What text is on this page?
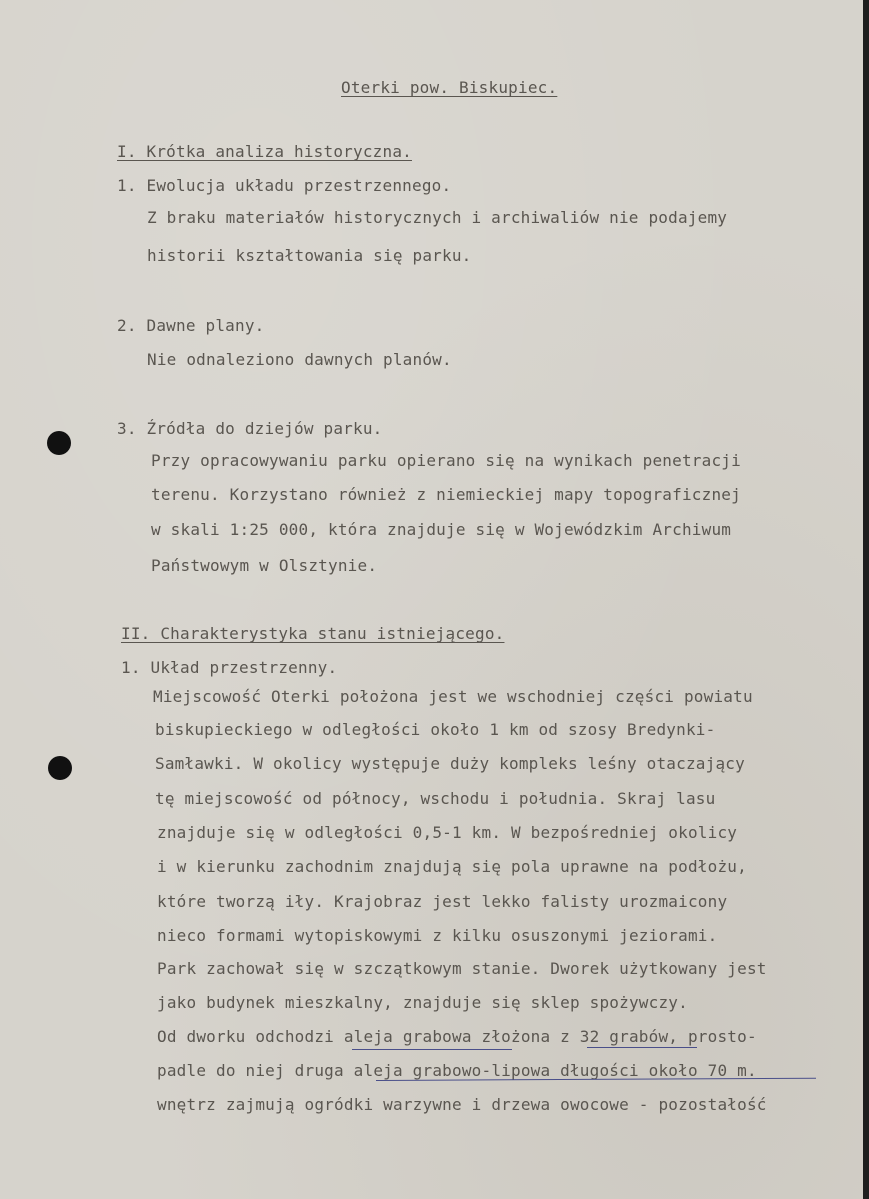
Oterki pow. Biskupiec.
I. Krótka analiza historyczna.
1. Ewolucja układu przestrzennego.
Z braku materiałów historycznych i archiwaliów nie podajemy
historii kształtowania się parku.
2. Dawne plany.
Nie odnaleziono dawnych planów.
3. Źródła do dziejów parku.
Przy opracowywaniu parku opierano się na wynikach penetracji
terenu. Korzystano również z niemieckiej mapy topograficznej
w skali 1:25 000, która znajduje się w Wojewódzkim Archiwum
Państwowym w Olsztynie.
II. Charakterystyka stanu istniejącego.
1. Układ przestrzenny.
Miejscowość Oterki położona jest we wschodniej części powiatu
biskupieckiego w odległości około 1 km od szosy Bredynki-
Samławki. W okolicy występuje duży kompleks leśny otaczający
tę miejscowość od północy, wschodu i południa. Skraj lasu
znajduje się w odległości 0,5-1 km. W bezpośredniej okolicy
i w kierunku zachodnim znajdują się pola uprawne na podłożu,
które tworzą iły. Krajobraz jest lekko falisty urozmaicony
nieco formami wytopiskowymi z kilku osuszonymi jeziorami.
Park zachował się w szczątkowym stanie. Dworek użytkowany jest
jako budynek mieszkalny, znajduje się sklep spożywczy.
Od dworku odchodzi aleja grabowa złożona z 32 grabów, prosto-
padle do niej druga aleja grabowo-lipowa długości około 70 m.
wnętrz zajmują ogródki warzywne i drzewa owocowe - pozostałość
